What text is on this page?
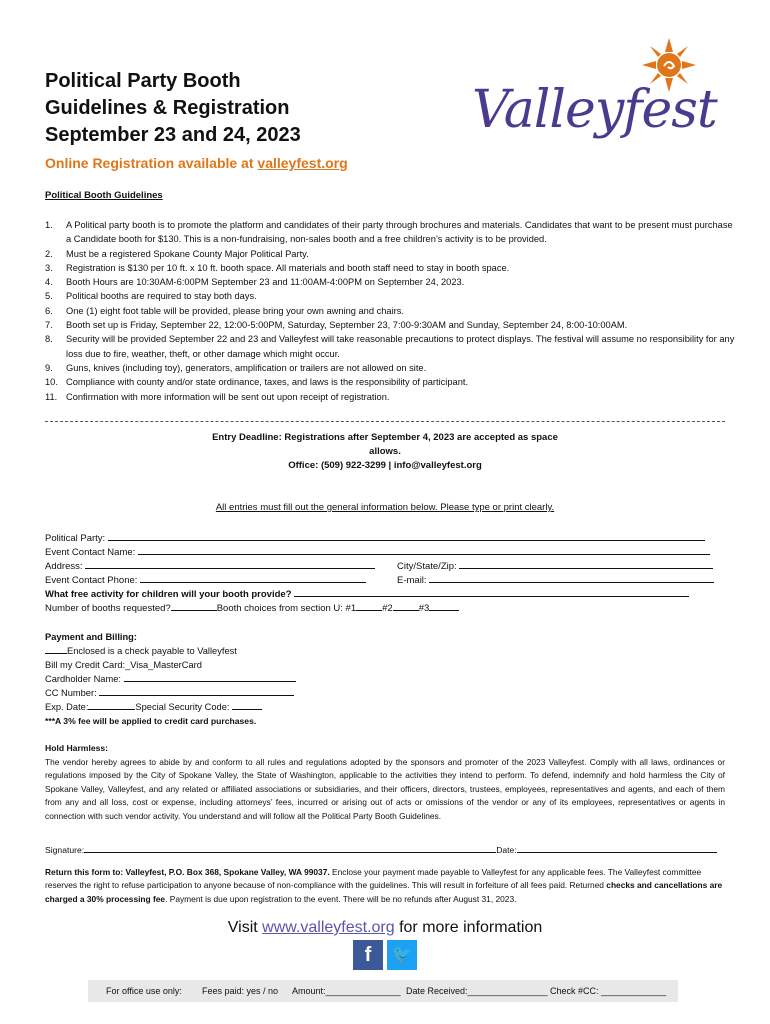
Political Party Booth
Guidelines & Registration
September 23 and 24, 2023
Online Registration available at valleyfest.org
Valleyfest
Political Booth Guidelines
1. A Political party booth is to promote the platform and candidates of their party through brochures and materials. Candidates that want to be present must purchase a Candidate booth for $130. This is a non-fundraising, non-sales booth and a free children’s activity is to be provided.
2. Must be a registered Spokane County Major Political Party.
3. Registration is $130 per 10 ft. x 10 ft. booth space. All materials and booth staff need to stay in booth space.
4. Booth Hours are 10:30AM-6:00PM September 23 and 11:00AM-4:00PM on September 24, 2023.
5. Political booths are required to stay both days.
6. One (1) eight foot table will be provided, please bring your own awning and chairs.
7. Booth set up is Friday, September 22, 12:00-5:00PM, Saturday, September 23, 7:00-9:30AM and Sunday, September 24, 8:00-10:00AM.
8. Security will be provided September 22 and 23 and Valleyfest will take reasonable precautions to protect displays. The festival will assume no responsibility for any loss due to fire, weather, theft, or other damage which might occur.
9. Guns, knives (including toy), generators, amplification or trailers are not allowed on site.
10. Compliance with county and/or state ordinance, taxes, and laws is the responsibility of participant.
11. Confirmation with more information will be sent out upon receipt of registration.
Entry Deadline: Registrations after September 4, 2023 are accepted as space
allows.
Office: (509) 922-3299 | info@valleyfest.org
All entries must fill out the general information below. Please type or print clearly.
Political Party:
Event Contact Name:
Address:	City/State/Zip:
Event Contact Phone:	E-mail:
What free activity for children will your booth provide?
Number of booths requested?	Booth choices from section U: #1	#2	#3
Payment and Billing:
Enclosed is a check payable to Valleyfest
Bill my Credit Card:_Visa_MasterCard
Cardholder Name:
CC Number:
Exp. Date:	Special Security Code:
***A 3% fee will be applied to credit card purchases.
Hold Harmless:
The vendor hereby agrees to abide by and conform to all rules and regulations adopted by the sponsors and promoter of the 2023 Valleyfest. Comply with all laws, ordinances or regulations imposed by the City of Spokane Valley, the State of Washington, applicable to the activities they intend to perform. To defend, indemnify and hold harmless the City of Spokane Valley, Valleyfest, and any related or affiliated associations or subsidiaries, and their officers, directors, trustees, employees, representatives and agents, and each of them from any and all loss, cost or expense, including attorneys’ fees, incurred or arising out of acts or omissions of the vendor or any of its employees, representatives or agents in connection with such vendor activity. You understand and will follow all the Political Party Booth Guidelines.
Signature:	Date:
Return this form to: Valleyfest, P.O. Box 368, Spokane Valley, WA 99037. Enclose your payment made payable to Valleyfest for any applicable fees. The Valleyfest committee reserves the right to refuse participation to anyone because of non-compliance with the guidelines. This will result in forfeiture of all fees paid. Returned checks and cancellations are charged a 30% processing fee. Payment is due upon registration to the event. There will be no refunds after August 31, 2023.
Visit www.valleyfest.org for more information
f	🐦
For office use only: Fees paid: yes / no Amount:_______________ Date Received:________________ Check #CC: _____________
